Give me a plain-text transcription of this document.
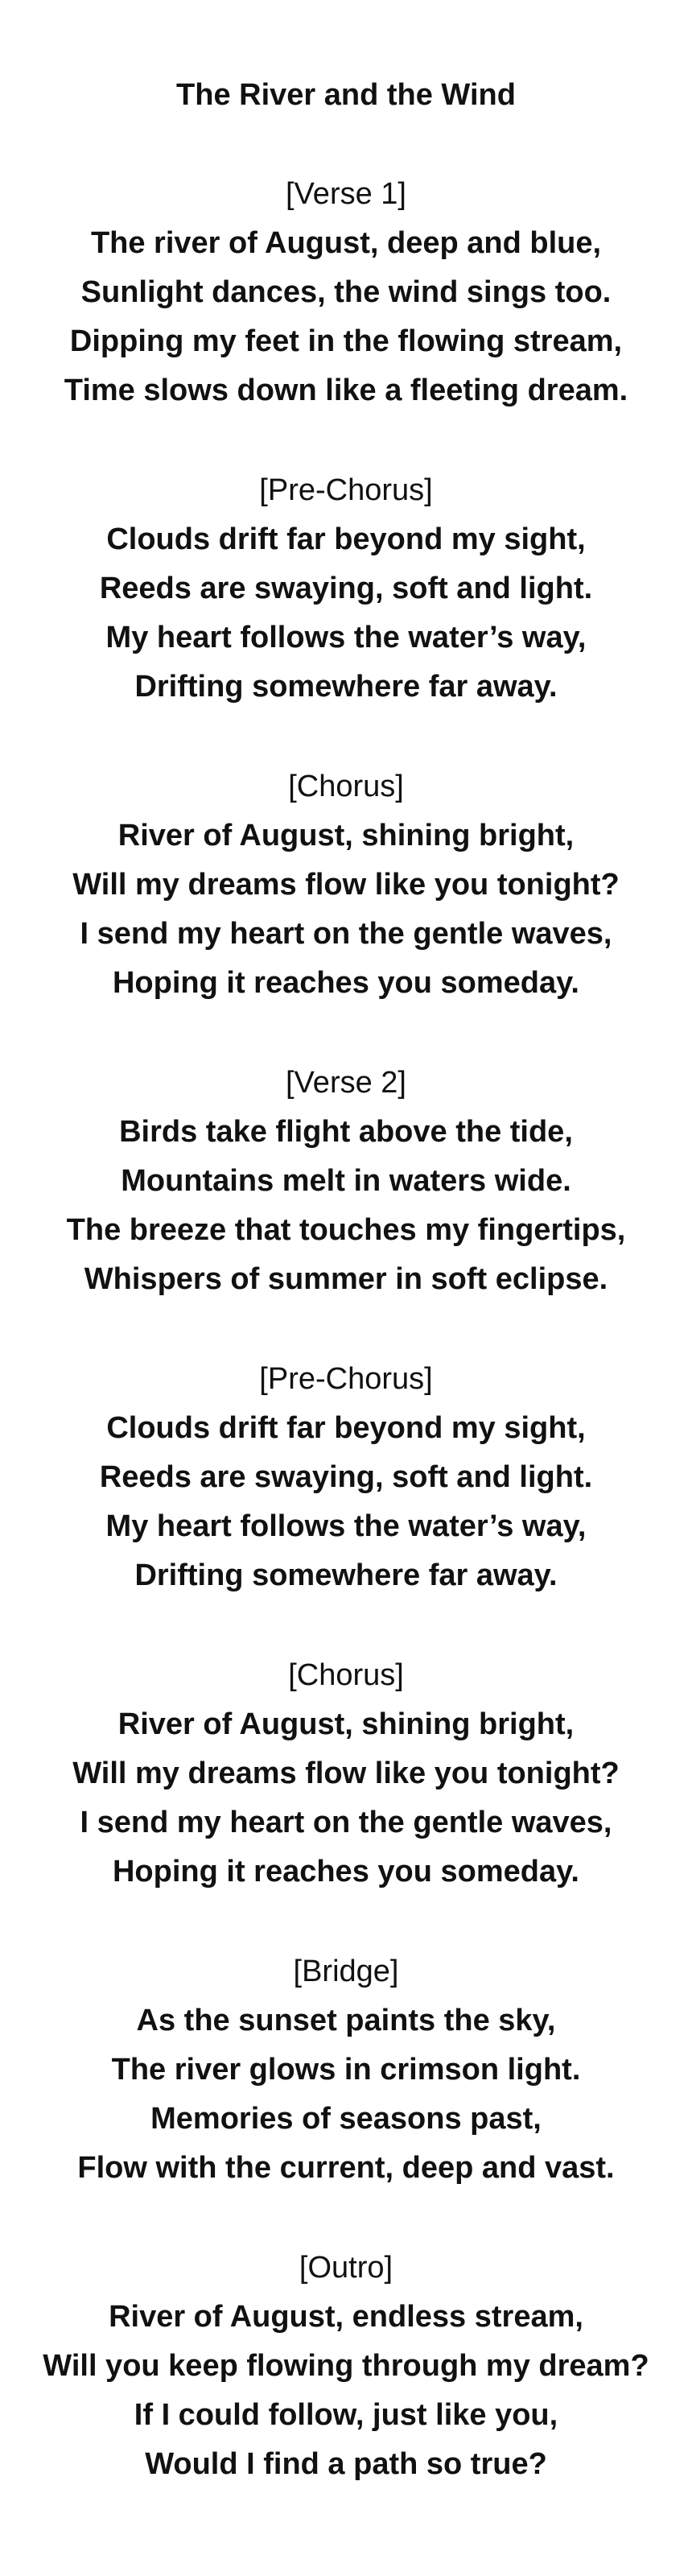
The River and the Wind

[Verse 1]

The river of August, deep and blue,

Sunlight dances, the wind sings too.

Dipping my feet in the flowing stream,

Time slows down like a fleeting dream.

[Pre-Chorus]

Clouds drift far beyond my sight,

Reeds are swaying, soft and light.

My heart follows the water’s way,

Drifting somewhere far away.

[Chorus]

River of August, shining bright,

Will my dreams flow like you tonight?

I send my heart on the gentle waves,

Hoping it reaches you someday.

[Verse 2]

Birds take flight above the tide,

Mountains melt in waters wide.

The breeze that touches my fingertips,

Whispers of summer in soft eclipse.

[Pre-Chorus]

Clouds drift far beyond my sight,

Reeds are swaying, soft and light.

My heart follows the water’s way,

Drifting somewhere far away.

[Chorus]

River of August, shining bright,

Will my dreams flow like you tonight?

I send my heart on the gentle waves,

Hoping it reaches you someday.

[Bridge]

As the sunset paints the sky,

The river glows in crimson light.

Memories of seasons past,

Flow with the current, deep and vast.

[Outro]

River of August, endless stream,

Will you keep flowing through my dream?

If I could follow, just like you,

Would I find a path so true?
